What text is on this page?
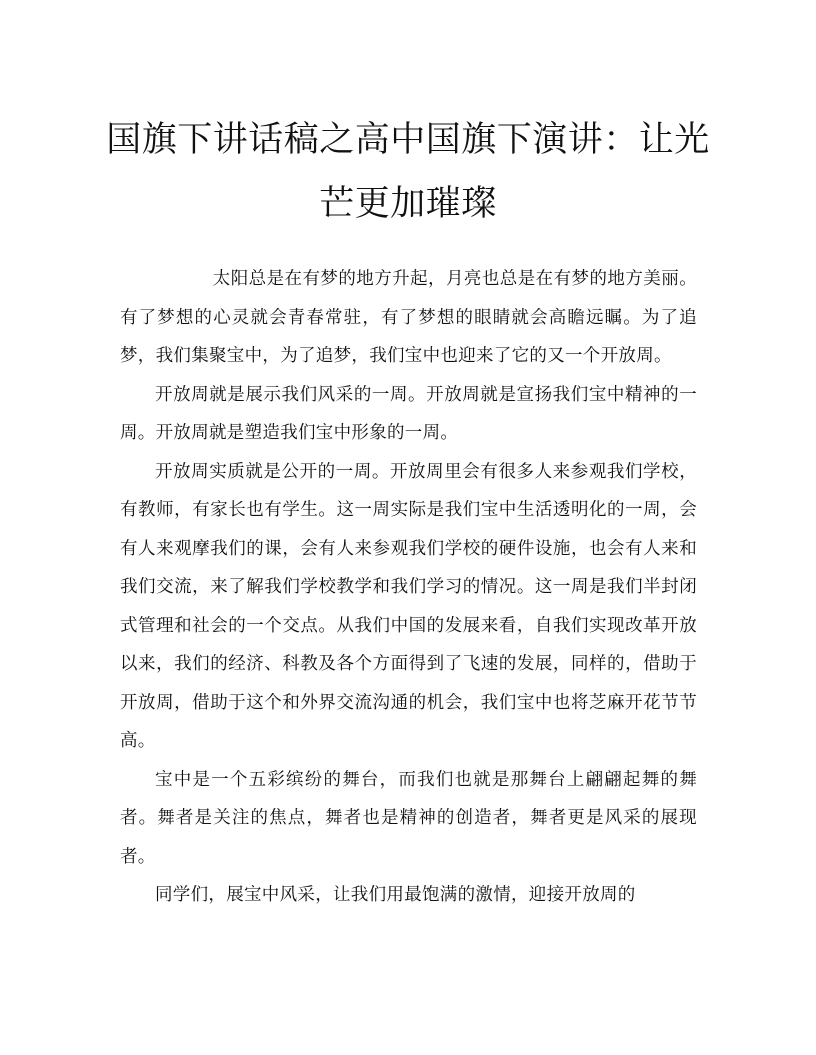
国旗下讲话稿之高中国旗下演讲：让光芒更加璀璨

太阳总是在有梦的地方升起，月亮也总是在有梦的地方美丽。有了梦想的心灵就会青春常驻，有了梦想的眼睛就会高瞻远瞩。为了追梦，我们集聚宝中，为了追梦，我们宝中也迎来了它的又一个开放周。

开放周就是展示我们风采的一周。开放周就是宣扬我们宝中精神的一周。开放周就是塑造我们宝中形象的一周。

开放周实质就是公开的一周。开放周里会有很多人来参观我们学校，有教师，有家长也有学生。这一周实际是我们宝中生活透明化的一周，会有人来观摩我们的课，会有人来参观我们学校的硬件设施，也会有人来和我们交流，来了解我们学校教学和我们学习的情况。这一周是我们半封闭式管理和社会的一个交点。从我们中国的发展来看，自我们实现改革开放以来，我们的经济、科教及各个方面得到了飞速的发展，同样的，借助于开放周，借助于这个和外界交流沟通的机会，我们宝中也将芝麻开花节节高。

宝中是一个五彩缤纷的舞台，而我们也就是那舞台上翩翩起舞的舞者。舞者是关注的焦点，舞者也是精神的创造者，舞者更是风采的展现者。

同学们，展宝中风采，让我们用最饱满的激情，迎接开放周的
